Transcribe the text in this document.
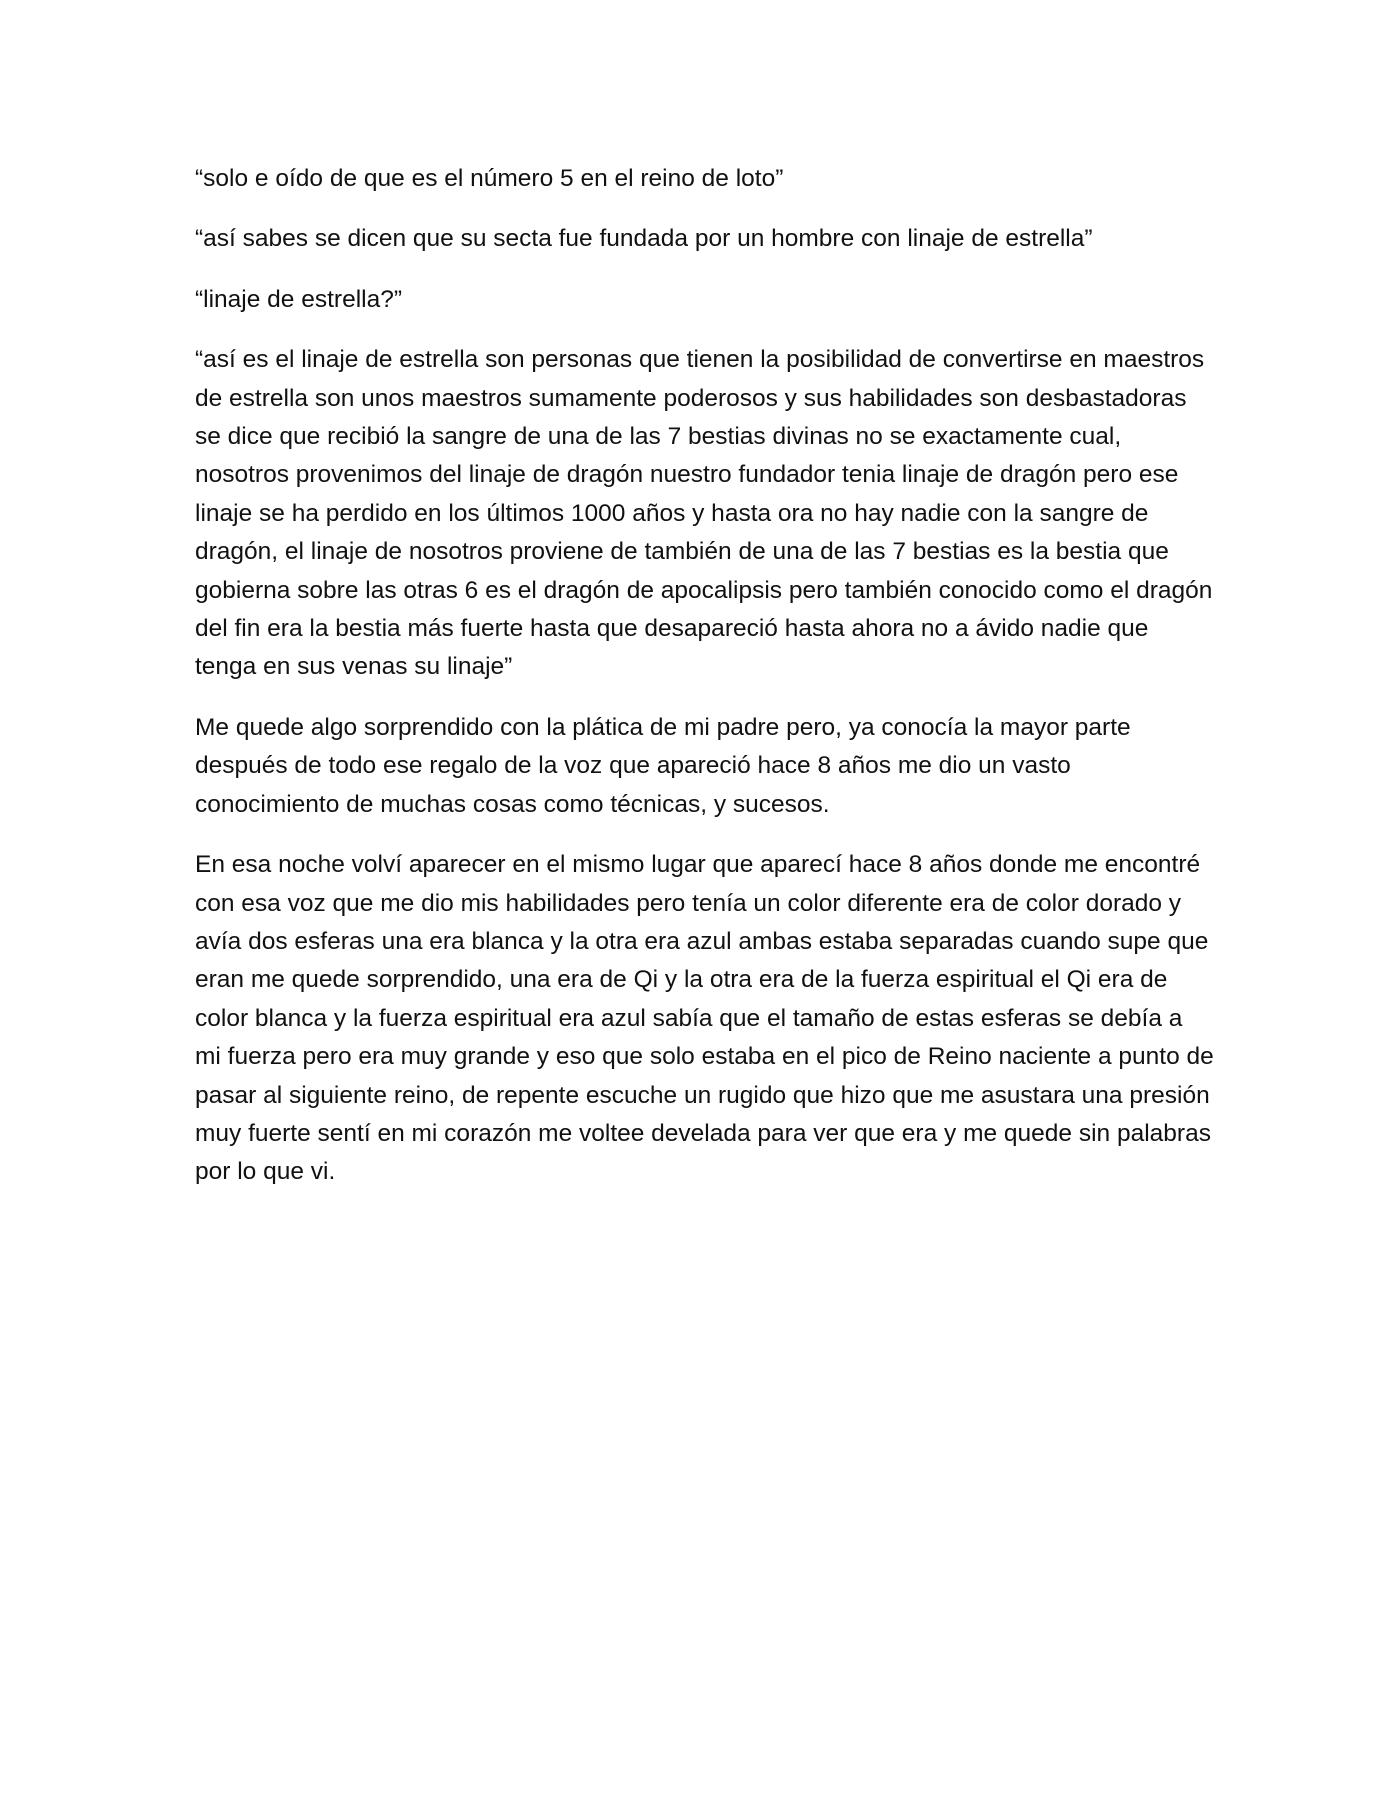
“solo e oído de que es el número 5 en el reino de loto”

“así sabes se dicen que su secta fue fundada por un hombre con linaje de estrella”

“linaje de estrella?”

“así es el linaje de estrella son personas que tienen la posibilidad de convertirse en maestros de estrella son unos maestros sumamente poderosos y sus habilidades son desbastadoras se dice que recibió la sangre de una de las 7 bestias divinas no se exactamente cual, nosotros provenimos del linaje de dragón nuestro fundador tenia linaje de dragón pero ese linaje se ha perdido en los últimos 1000 años y hasta ora no hay nadie con la sangre de dragón, el linaje de nosotros proviene de también de una de las 7 bestias es la bestia que gobierna sobre las otras 6 es el dragón de apocalipsis pero también conocido como el dragón del fin era la bestia más fuerte hasta que desapareció hasta ahora no a ávido nadie que tenga en sus venas su linaje”

Me quede algo sorprendido con la plática de mi padre pero, ya conocía la mayor parte después de todo ese regalo de la voz que apareció hace 8 años me dio un vasto conocimiento de muchas cosas como técnicas, y sucesos.

En esa noche volví aparecer en el mismo lugar que aparecí hace 8 años donde me encontré con esa voz que me dio mis habilidades pero tenía un color diferente era de color dorado y avía dos esferas una era blanca y la otra era azul ambas estaba separadas cuando supe que eran me quede sorprendido, una era de Qi y la otra era de la fuerza espiritual el Qi era de color blanca y la fuerza espiritual era azul sabía que el tamaño de estas esferas se debía a mi fuerza pero era muy grande y eso que solo estaba en el pico de Reino naciente a punto de pasar al siguiente reino, de repente escuche un rugido que hizo que me asustara una presión muy fuerte sentí en mi corazón me voltee develada para ver que era y me quede sin palabras por lo que vi.
